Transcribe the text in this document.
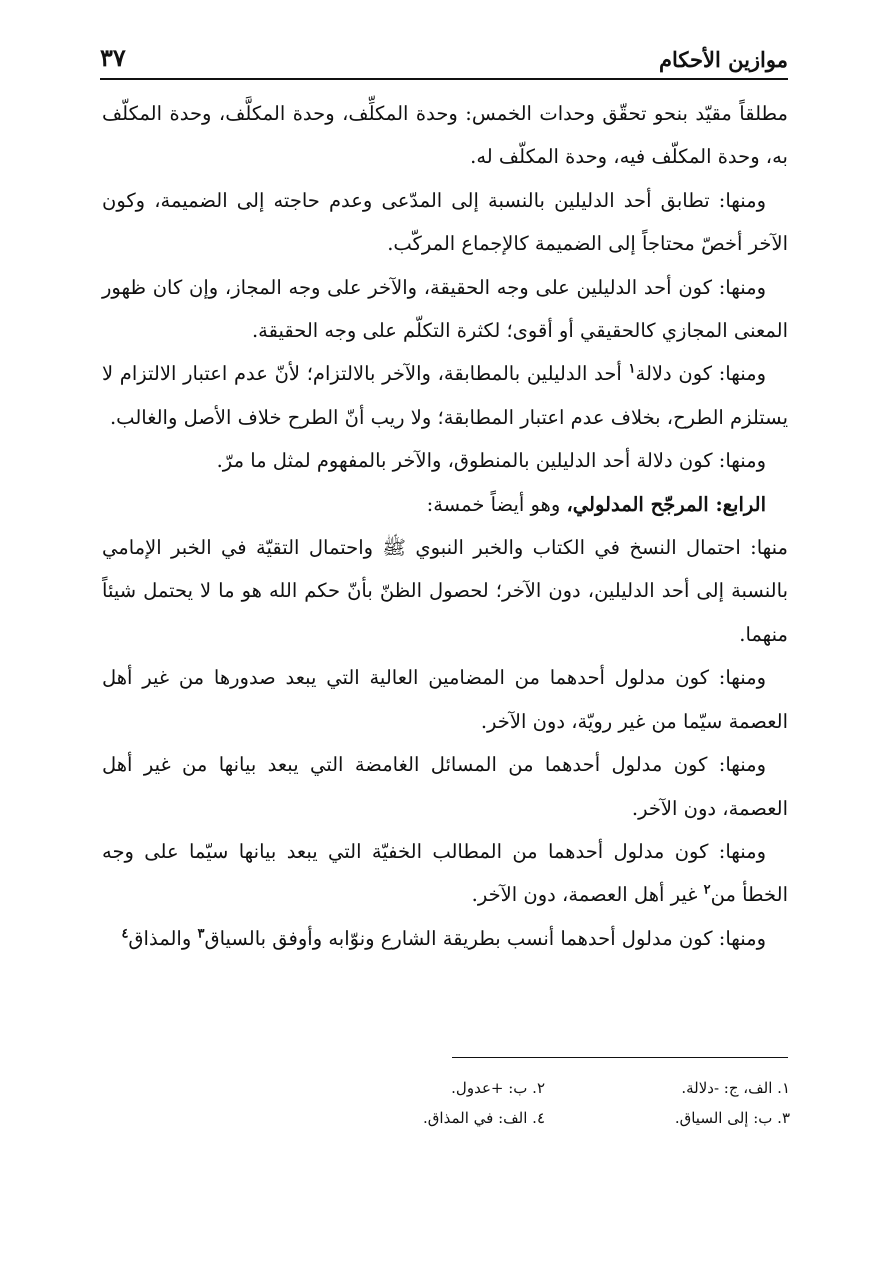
موازين الأحكام
٣٧

مطلقاً مقيّد بنحو تحقّق وحدات الخمس: وحدة المكلِّف، وحدة المكلَّف، وحدة المكلّف به، وحدة المكلّف فيه، وحدة المكلّف له.

ومنها: تطابق أحد الدليلين بالنسبة إلى المدّعى وعدم حاجته إلى الضميمة، وكون الآخر أخصّ محتاجاً إلى الضميمة كالإجماع المركّب.

ومنها: كون أحد الدليلين على وجه الحقيقة، والآخر على وجه المجاز، وإن كان ظهور المعنى المجازي كالحقيقي أو أقوى؛ لكثرة التكلّم على وجه الحقيقة.

ومنها: كون دلالة$^١$ أحد الدليلين بالمطابقة، والآخر بالالتزام؛ لأنّ عدم اعتبار الالتزام لا يستلزم الطرح، بخلاف عدم اعتبار المطابقة؛ ولا ريب أنّ الطرح خلاف الأصل والغالب.

ومنها: كون دلالة أحد الدليلين بالمنطوق، والآخر بالمفهوم لمثل ما مرّ.

الرابع: المرجّح المدلولي، وهو أيضاً خمسة:

منها: احتمال النسخ في الكتاب والخبر النبوي ﷺ واحتمال التقيّة في الخبر الإمامي بالنسبة إلى أحد الدليلين، دون الآخر؛ لحصول الظنّ بأنّ حكم الله هو ما لا يحتمل شيئاً منهما.

ومنها: كون مدلول أحدهما من المضامين العالية التي يبعد صدورها من غير أهل العصمة سيّما من غير رويّة، دون الآخر.

ومنها: كون مدلول أحدهما من المسائل الغامضة التي يبعد بيانها من غير أهل العصمة، دون الآخر.

ومنها: كون مدلول أحدهما من المطالب الخفيّة التي يبعد بيانها سيّما على وجه الخطأ من$^٢$ غير أهل العصمة، دون الآخر.

ومنها: كون مدلول أحدهما أنسب بطريقة الشارع ونوّابه وأوفق بالسياق$^٣$ والمذاق$^٤$

١. الف، ج: -دلالة.
٢. ب: +عدول.
٣. ب: إلى السياق.
٤. الف: في المذاق.
